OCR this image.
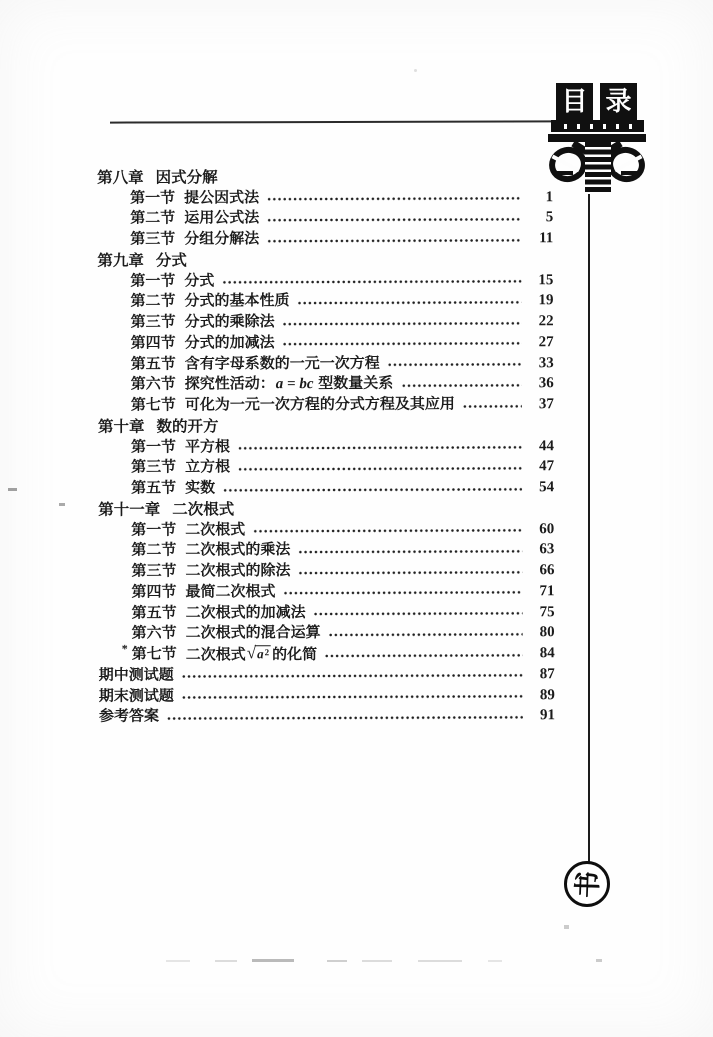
目 录
书
第八章 因式分解
第一节 提公因式法	1
第二节 运用公式法	5
第三节 分组分解法	11
第九章 分式
第一节 分式	15
第二节 分式的基本性质	19
第三节 分式的乘除法	22
第四节 分式的加减法	27
第五节 含有字母系数的一元一次方程	33
第六节 探究性活动：a = bc 型数量关系	36
第七节 可化为一元一次方程的分式方程及其应用	37
第十章 数的开方
第一节 平方根	44
第三节 立方根	47
第五节 实数	54
第十一章 二次根式
第一节 二次根式	60
第二节 二次根式的乘法	63
第三节 二次根式的除法	66
第四节 最简二次根式	71
第五节 二次根式的加减法	75
第六节 二次根式的混合运算	80
* 第七节 二次根式 √ $a^2$ 的化简	84
期中测试题	87
期末测试题	89
参考答案	91
